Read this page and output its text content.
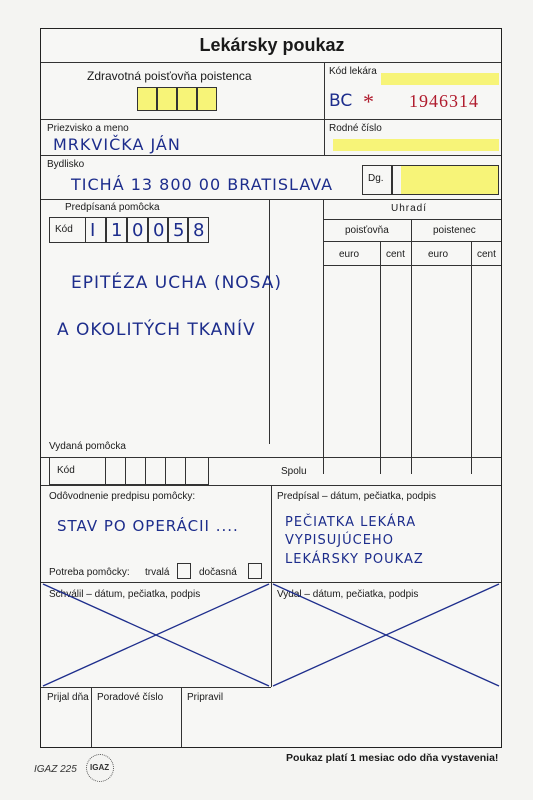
Lekársky poukaz
Zdravotná poisťovňa poistenca	Kód lekára
BC * 1946314
Priezvisko a meno
MRKVIČKA JÁN
Rodné číslo
Bydlisko
TICHÁ 13 800 00 BRATISLAVA	Dg.
Predpísaná pomôcka
Kód I 1 0 0 5 8
Uhradí
poisťovňa	poistenec
euro	cent euro	cent
EPITÉZA UCHA (NOSA)
A OKOLITÝCH TKANÍV
Vydaná pomôcka
Kód	Spolu
Odôvodnenie predpisu pomôcky:
STAV PO OPERÁCII ....
Predpísal – dátum, pečiatka, podpis
PEČIATKA LEKÁRA
VYPISUJÚCEHO
LEKÁRSKY POUKAZ
Potreba pomôcky: trvalá	dočasná
Schválil – dátum, pečiatka, podpis	Vydal – dátum, pečiatka, podpis
Prijal dňa Poradové číslo Pripravil
IGAZ 225 IGAZ
Poukaz platí 1 mesiac odo dňa vystavenia!
